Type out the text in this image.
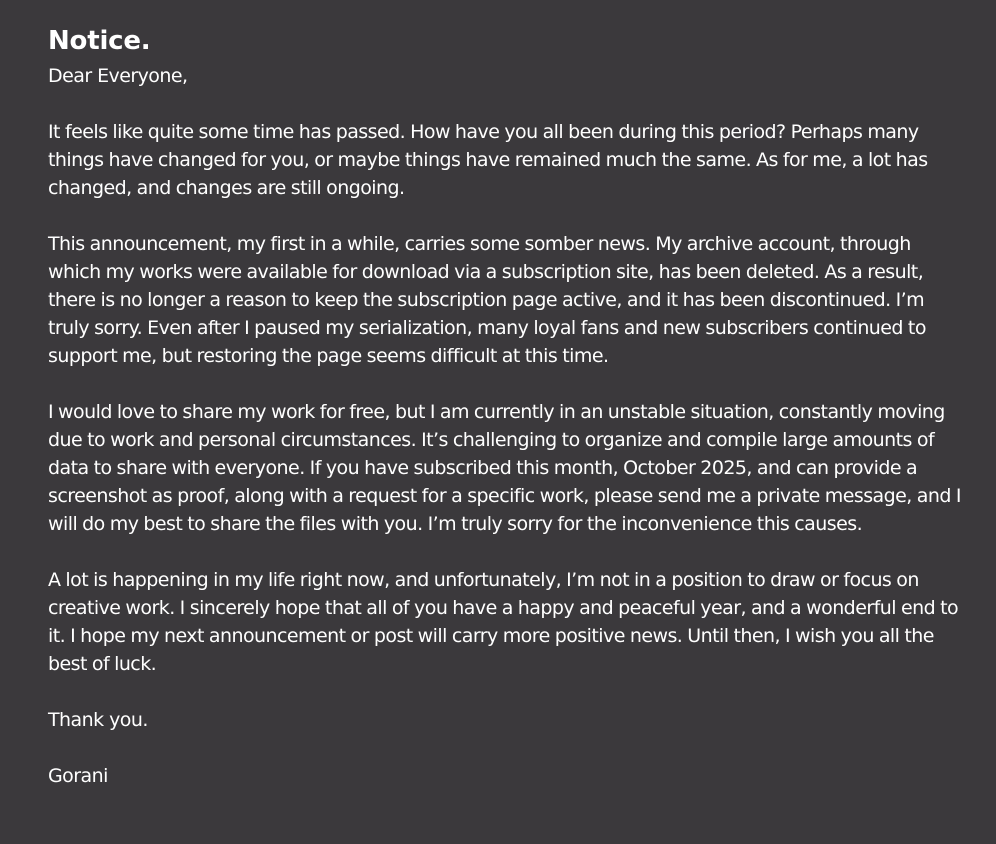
Notice.

Dear Everyone,

It feels like quite some time has passed. How have you all been during this period? Perhaps many things have changed for you, or maybe things have remained much the same. As for me, a lot has changed, and changes are still ongoing.

This announcement, my first in a while, carries some somber news. My archive account, through which my works were available for download via a subscription site, has been deleted. As a result, there is no longer a reason to keep the subscription page active, and it has been discontinued. I’m truly sorry. Even after I paused my serialization, many loyal fans and new subscribers continued to support me, but restoring the page seems difficult at this time.

I would love to share my work for free, but I am currently in an unstable situation, constantly moving due to work and personal circumstances. It’s challenging to organize and compile large amounts of data to share with everyone. If you have subscribed this month, October 2025, and can provide a screenshot as proof, along with a request for a specific work, please send me a private message, and I will do my best to share the files with you. I’m truly sorry for the inconvenience this causes.

A lot is happening in my life right now, and unfortunately, I’m not in a position to draw or focus on creative work. I sincerely hope that all of you have a happy and peaceful year, and a wonderful end to it. I hope my next announcement or post will carry more positive news. Until then, I wish you all the best of luck.

Thank you.

Gorani
